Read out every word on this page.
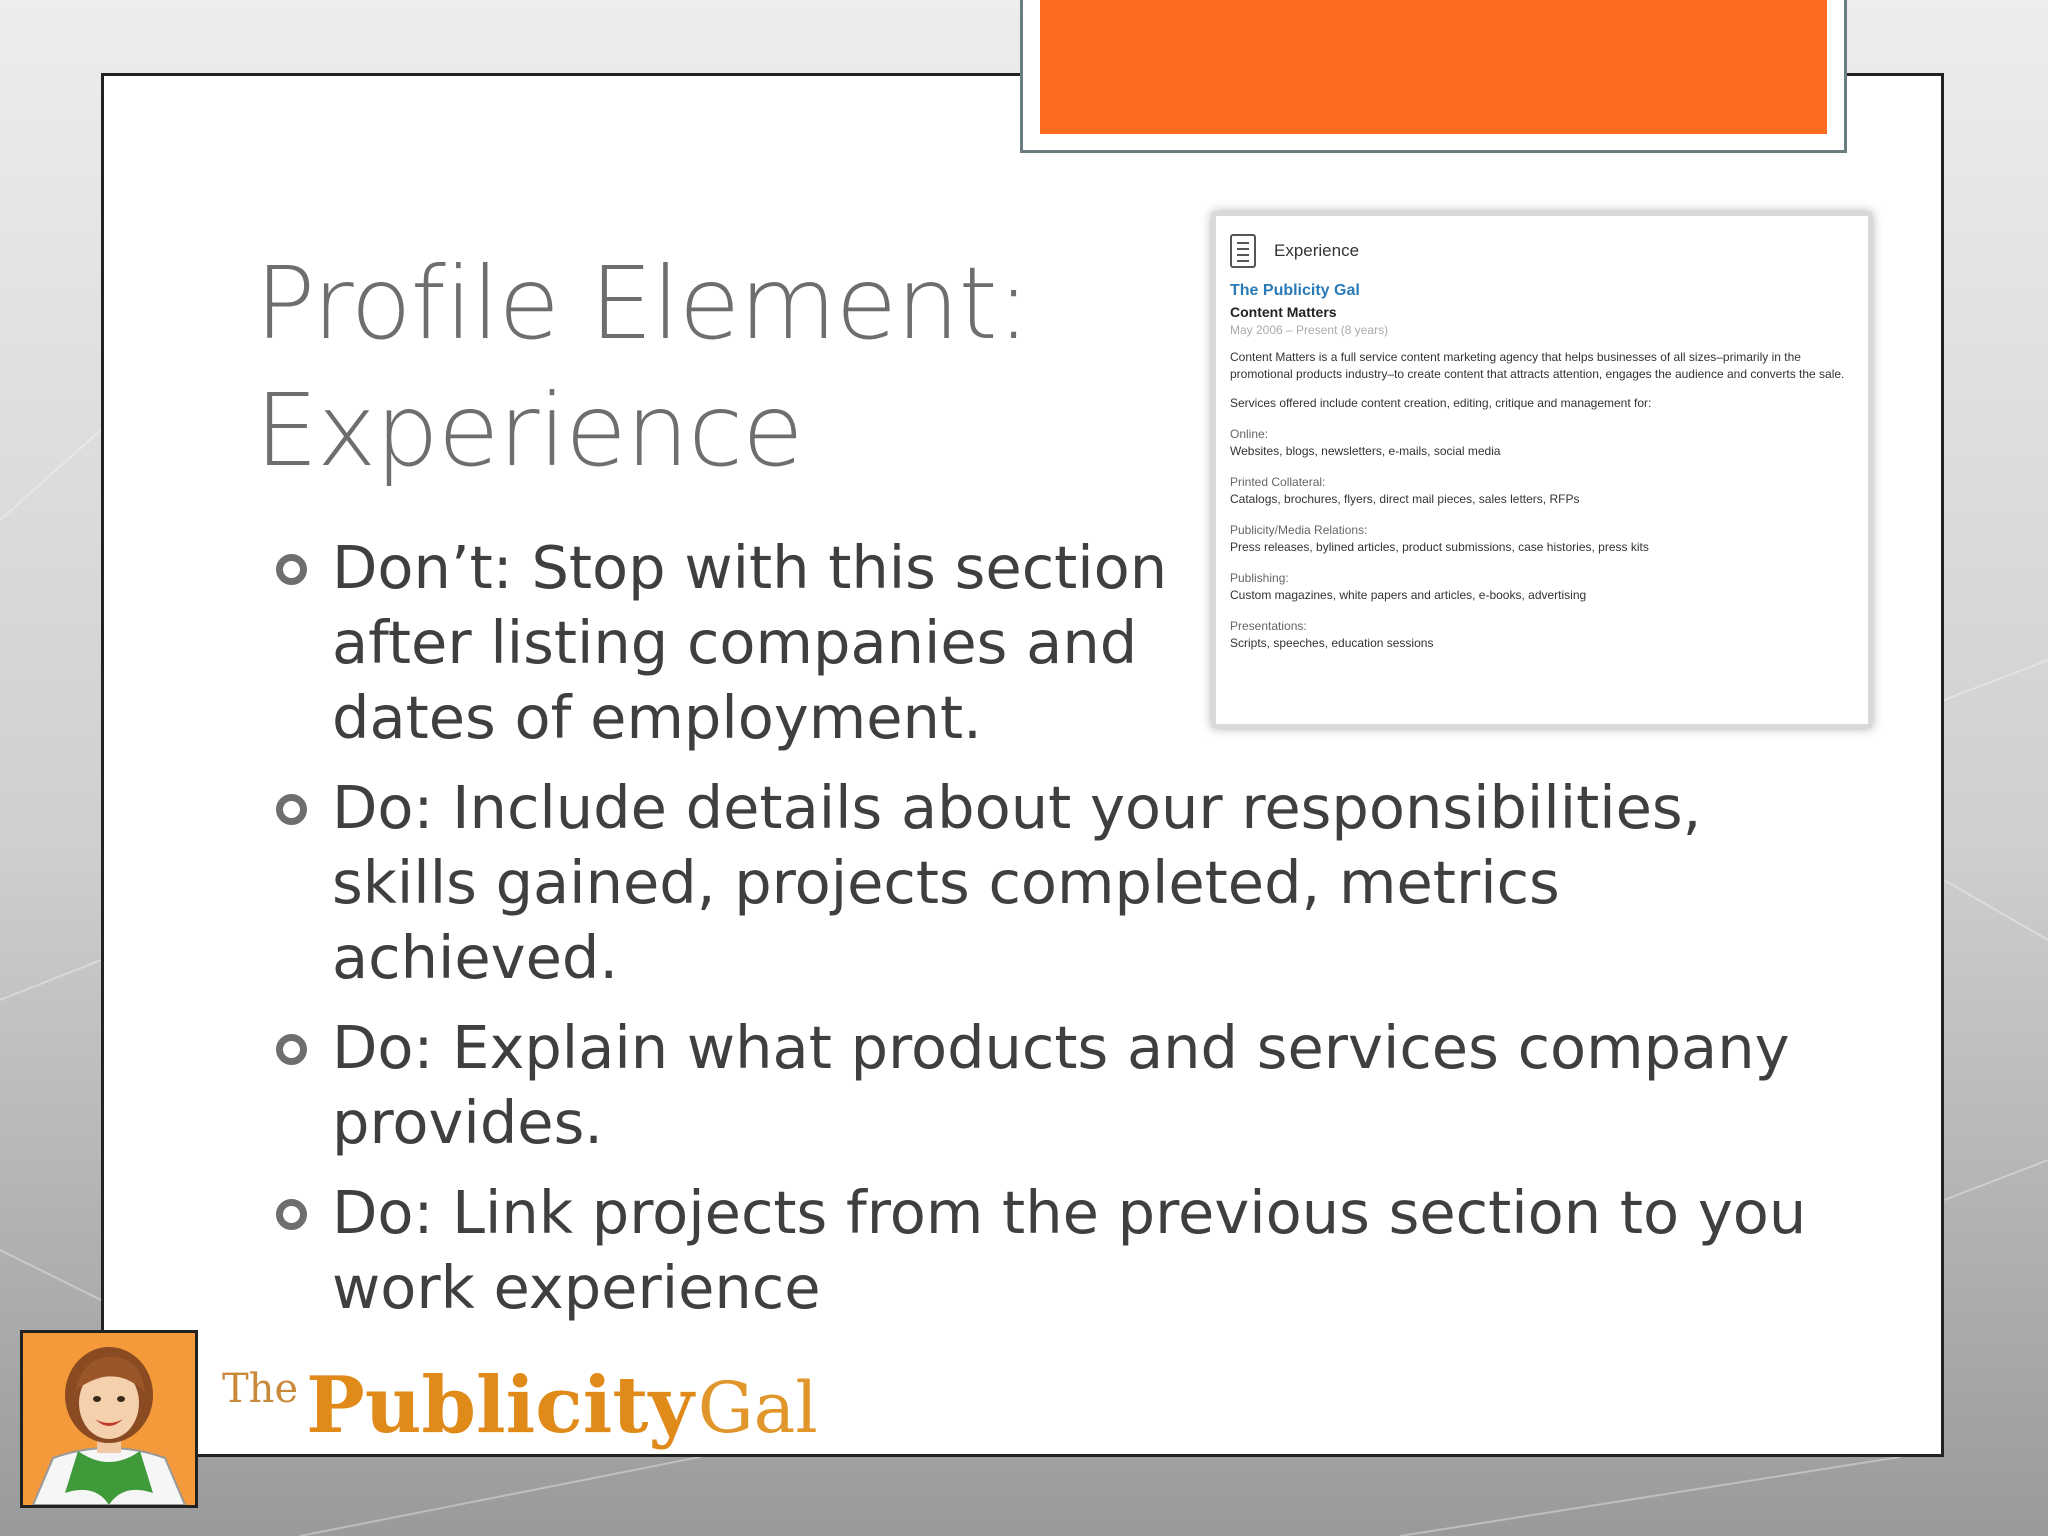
Profile Element:
Experience
Don’t: Stop with this section after listing companies and dates of employment.
Do: Include details about your responsibilities, skills gained, projects completed, metrics achieved.
Do: Explain what products and services company provides.
Do: Link projects from the previous section to you work experience
Experience
The Publicity Gal
Content Matters
May 2006 – Present (8 years)
Content Matters is a full service content marketing agency that helps businesses of all sizes–primarily in the promotional products industry–to create content that attracts attention, engages the audience and converts the sale.
Services offered include content creation, editing, critique and management for:
Online:
Websites, blogs, newsletters, e-mails, social media
Printed Collateral:
Catalogs, brochures, flyers, direct mail pieces, sales letters, RFPs
Publicity/Media Relations:
Press releases, bylined articles, product submissions, case histories, press kits
Publishing:
Custom magazines, white papers and articles, e-books, advertising
Presentations:
Scripts, speeches, education sessions
The PublicityGal
